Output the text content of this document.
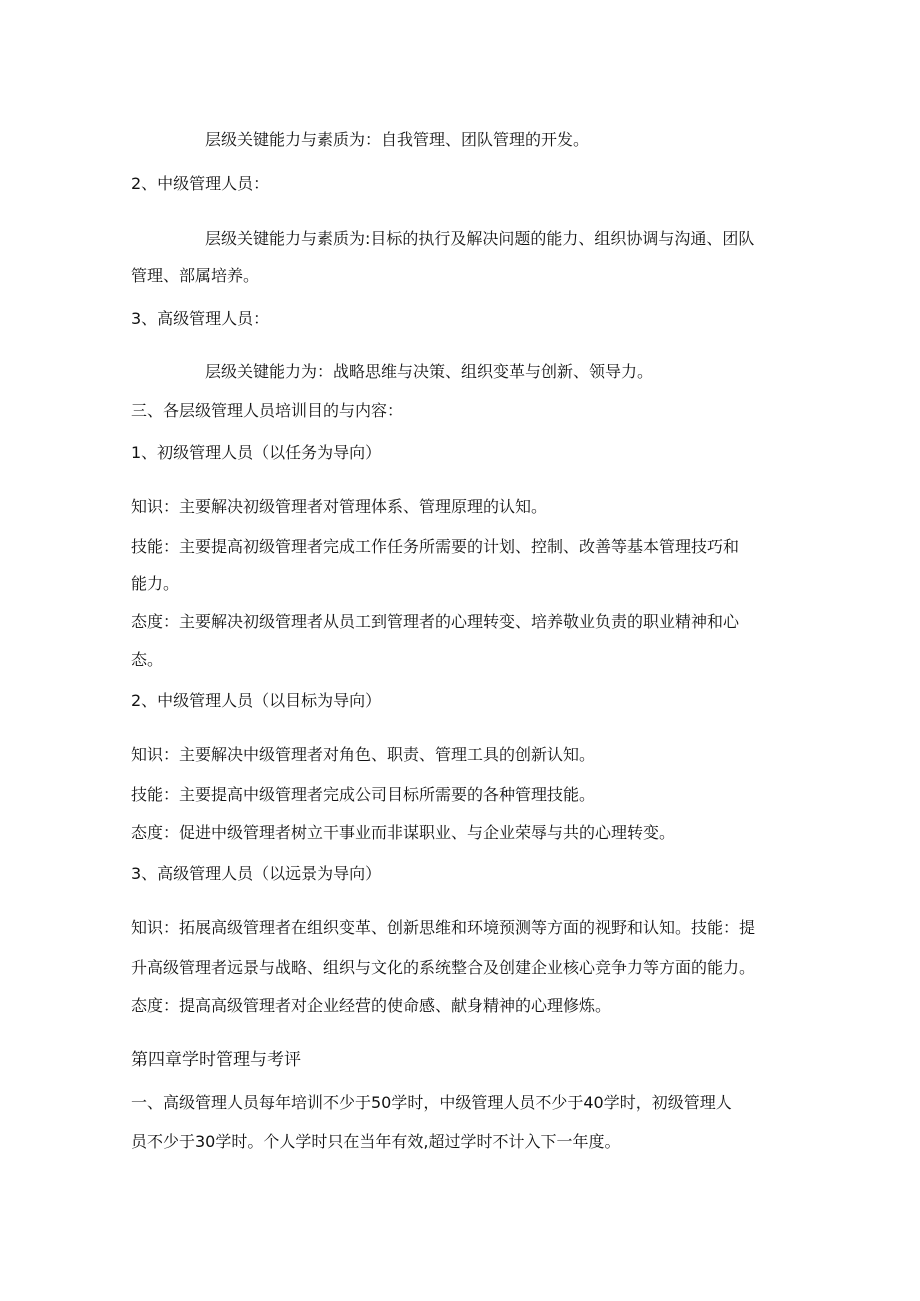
层级关键能力与素质为：自我管理、团队管理的开发。

2、中级管理人员：

层级关键能力与素质为:目标的执行及解决问题的能力、组织协调与沟通、团队

管理、部属培养。

3、高级管理人员：

层级关键能力为：战略思维与决策、组织变革与创新、领导力。

三、各层级管理人员培训目的与内容：

1、初级管理人员（以任务为导向）

知识：主要解决初级管理者对管理体系、管理原理的认知。

技能：主要提高初级管理者完成工作任务所需要的计划、控制、改善等基本管理技巧和

能力。

态度：主要解决初级管理者从员工到管理者的心理转变、培养敬业负责的职业精神和心

态。

2、中级管理人员（以目标为导向）

知识：主要解决中级管理者对角色、职责、管理工具的创新认知。

技能：主要提高中级管理者完成公司目标所需要的各种管理技能。

态度：促进中级管理者树立干事业而非谋职业、与企业荣辱与共的心理转变。

3、高级管理人员（以远景为导向）

知识：拓展高级管理者在组织变革、创新思维和环境预测等方面的视野和认知。技能：提

升高级管理者远景与战略、组织与文化的系统整合及创建企业核心竞争力等方面的能力。

态度：提高高级管理者对企业经营的使命感、献身精神的心理修炼。

第四章学时管理与考评

一、高级管理人员每年培训不少于50学时，中级管理人员不少于40学时，初级管理人

员不少于30学时。个人学时只在当年有效,超过学时不计入下一年度。
